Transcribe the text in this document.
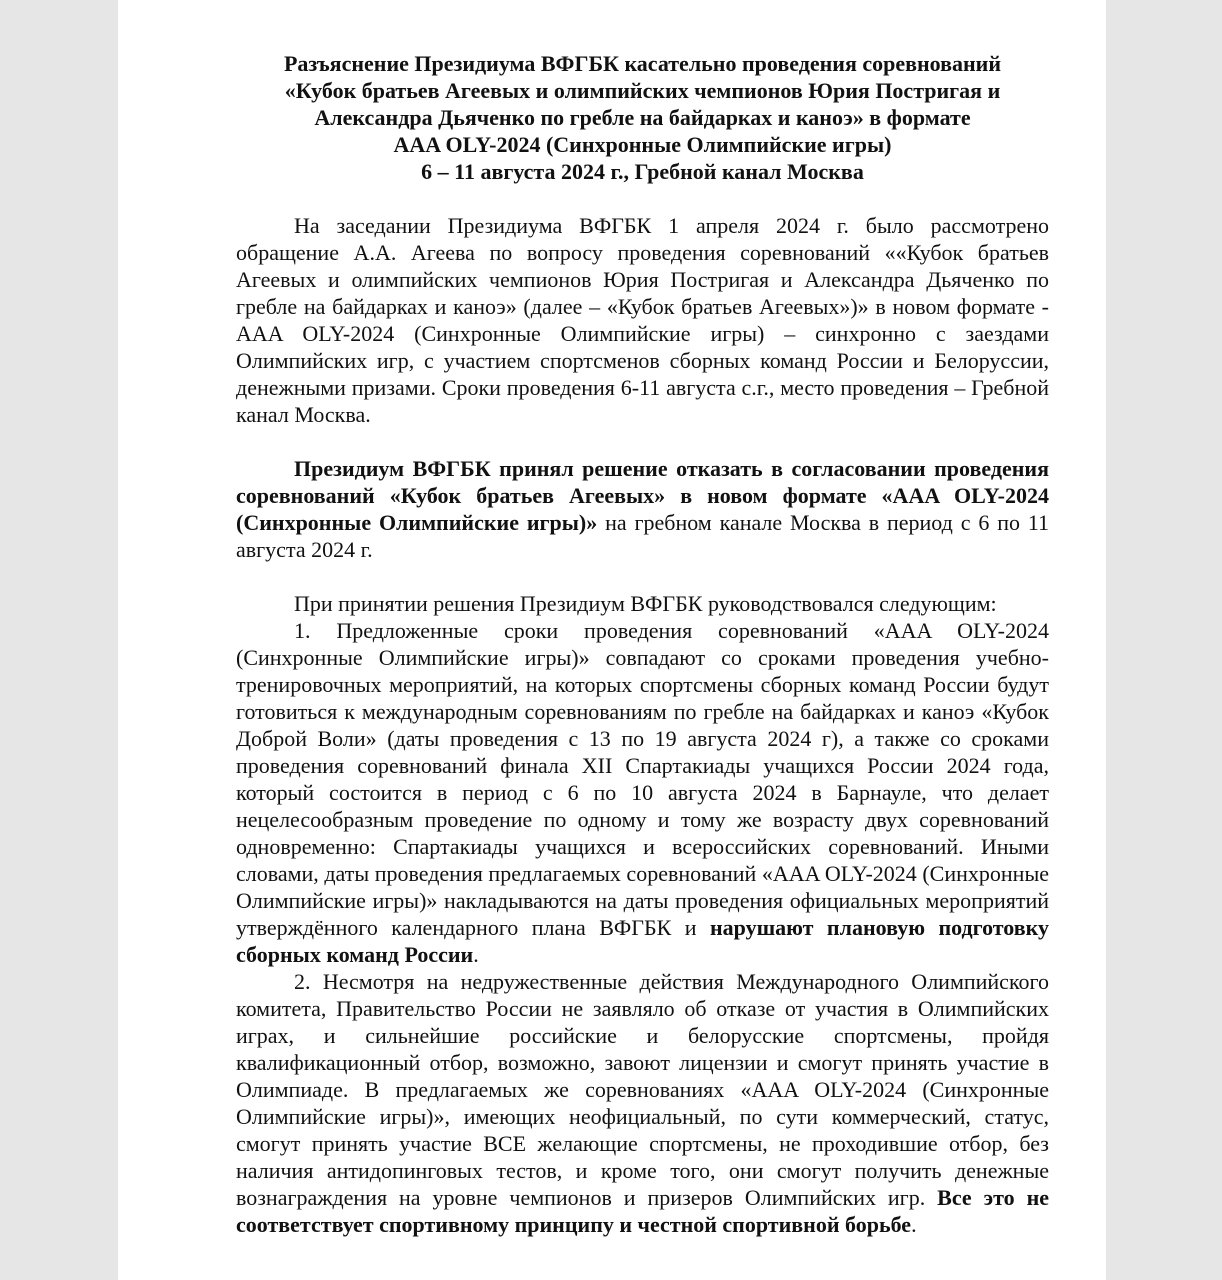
Разъяснение Президиума ВФГБК касательно проведения соревнований
«Кубок братьев Агеевых и олимпийских чемпионов Юрия Постригая и
Александра Дьяченко по гребле на байдарках и каноэ» в формате
AAA OLY-2024 (Синхронные Олимпийские игры)
6 – 11 августа 2024 г., Гребной канал Москва

На заседании Президиума ВФГБК 1 апреля 2024 г. было рассмотрено обращение А.А. Агеева по вопросу проведения соревнований ««Кубок братьев Агеевых и олимпийских чемпионов Юрия Постригая и Александра Дьяченко по гребле на байдарках и каноэ» (далее – «Кубок братьев Агеевых»)» в новом формате - AAA OLY-2024 (Синхронные Олимпийские игры) – синхронно с заездами Олимпийских игр, с участием спортсменов сборных команд России и Белоруссии, денежными призами. Сроки проведения 6-11 августа с.г., место проведения – Гребной канал Москва.

Президиум ВФГБК принял решение отказать в согласовании проведения соревнований «Кубок братьев Агеевых» в новом формате «AAA OLY-2024 (Синхронные Олимпийские игры)» на гребном канале Москва в период с 6 по 11 августа 2024 г.

При принятии решения Президиум ВФГБК руководствовался следующим:

1. Предложенные сроки проведения соревнований «AAA OLY-2024 (Синхронные Олимпийские игры)» совпадают со сроками проведения учебно-тренировочных мероприятий, на которых спортсмены сборных команд России будут готовиться к международным соревнованиям по гребле на байдарках и каноэ «Кубок Доброй Воли» (даты проведения с 13 по 19 августа 2024 г), а также со сроками проведения соревнований финала XII Спартакиады учащихся России 2024 года, который состоится в период с 6 по 10 августа 2024 в Барнауле, что делает нецелесообразным проведение по одному и тому же возрасту двух соревнований одновременно: Спартакиады учащихся и всероссийских соревнований. Иными словами, даты проведения предлагаемых соревнований «AAA OLY-2024 (Синхронные Олимпийские игры)» накладываются на даты проведения официальных мероприятий утверждённого календарного плана ВФГБК и нарушают плановую подготовку сборных команд России.

2. Несмотря на недружественные действия Международного Олимпийского комитета, Правительство России не заявляло об отказе от участия в Олимпийских играх, и сильнейшие российские и белорусские спортсмены, пройдя квалификационный отбор, возможно, завоют лицензии и смогут принять участие в Олимпиаде. В предлагаемых же соревнованиях «AAA OLY-2024 (Синхронные Олимпийские игры)», имеющих неофициальный, по сути коммерческий, статус, смогут принять участие ВСЕ желающие спортсмены, не проходившие отбор, без наличия антидопинговых тестов, и кроме того, они смогут получить денежные вознаграждения на уровне чемпионов и призеров Олимпийских игр. Все это не соответствует спортивному принципу и честной спортивной борьбе.
